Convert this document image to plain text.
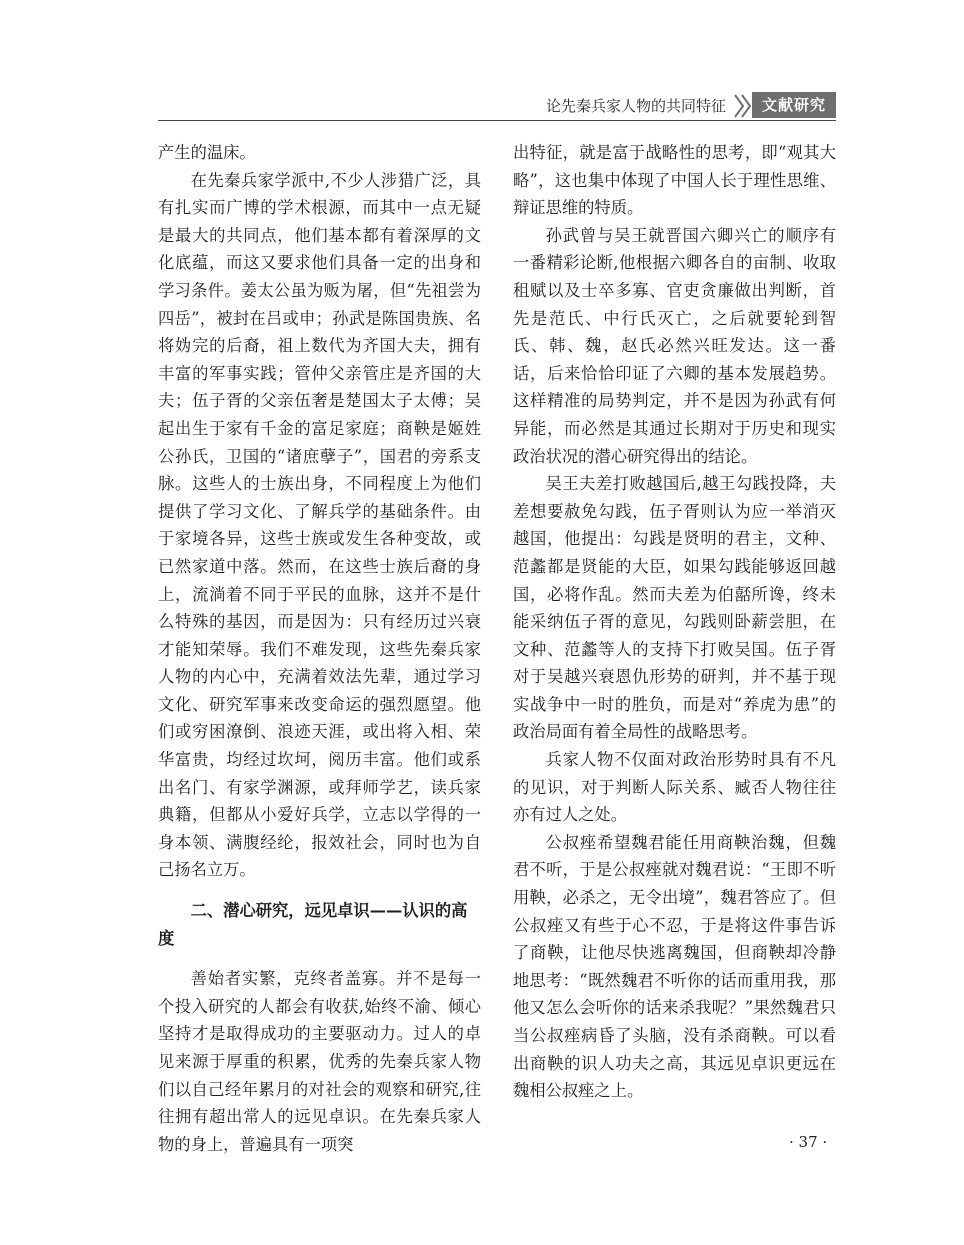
论先秦兵家人物的共同特征	文献研究

产生的温床。

在先秦兵家学派中,不少人涉猎广泛，具有扎实而广博的学术根源，而其中一点无疑是最大的共同点，他们基本都有着深厚的文化底蕴，而这又要求他们具备一定的出身和学习条件。姜太公虽为贩为屠，但“先祖尝为四岳”，被封在吕或申；孙武是陈国贵族、名将妫完的后裔，祖上数代为齐国大夫，拥有丰富的军事实践；管仲父亲管庄是齐国的大夫；伍子胥的父亲伍奢是楚国太子太傅；吴起出生于家有千金的富足家庭；商鞅是姬姓公孙氏，卫国的“诸庶孽子”，国君的旁系支脉。这些人的士族出身，不同程度上为他们提供了学习文化、了解兵学的基础条件。由于家境各异，这些士族或发生各种变故，或已然家道中落。然而，在这些士族后裔的身上，流淌着不同于平民的血脉，这并不是什么特殊的基因，而是因为：只有经历过兴衰才能知荣辱。我们不难发现，这些先秦兵家人物的内心中，充满着效法先辈，通过学习文化、研究军事来改变命运的强烈愿望。他们或穷困潦倒、浪迹天涯，或出将入相、荣华富贵，均经过坎坷，阅历丰富。他们或系出名门、有家学渊源，或拜师学艺，读兵家典籍，但都从小爱好兵学，立志以学得的一身本领、满腹经纶，报效社会，同时也为自己扬名立万。

二、潜心研究，远见卓识——认识的高度

善始者实繁，克终者盖寡。并不是每一个投入研究的人都会有收获,始终不渝、倾心坚持才是取得成功的主要驱动力。过人的卓见来源于厚重的积累，优秀的先秦兵家人物们以自己经年累月的对社会的观察和研究,往往拥有超出常人的远见卓识。在先秦兵家人物的身上，普遍具有一项突

出特征，就是富于战略性的思考，即“观其大略”，这也集中体现了中国人长于理性思维、辩证思维的特质。

孙武曾与吴王就晋国六卿兴亡的顺序有一番精彩论断,他根据六卿各自的亩制、收取租赋以及士卒多寡、官吏贪廉做出判断，首先是范氏、中行氏灭亡，之后就要轮到智氏、韩、魏，赵氏必然兴旺发达。这一番话，后来恰恰印证了六卿的基本发展趋势。这样精准的局势判定，并不是因为孙武有何异能，而必然是其通过长期对于历史和现实政治状况的潜心研究得出的结论。

吴王夫差打败越国后,越王勾践投降，夫差想要赦免勾践，伍子胥则认为应一举消灭越国，他提出：勾践是贤明的君主，文种、范蠡都是贤能的大臣，如果勾践能够返回越国，必将作乱。然而夫差为伯嚭所谗，终未能采纳伍子胥的意见，勾践则卧薪尝胆，在文种、范蠡等人的支持下打败吴国。伍子胥对于吴越兴衰恩仇形势的研判，并不基于现实战争中一时的胜负，而是对“养虎为患”的政治局面有着全局性的战略思考。

兵家人物不仅面对政治形势时具有不凡的见识，对于判断人际关系、臧否人物往往亦有过人之处。

公叔痤希望魏君能任用商鞅治魏，但魏君不听，于是公叔痤就对魏君说：“王即不听用鞅，必杀之，无令出境”，魏君答应了。但公叔痤又有些于心不忍，于是将这件事告诉了商鞅，让他尽快逃离魏国，但商鞅却冷静地思考：“既然魏君不听你的话而重用我，那他又怎么会听你的话来杀我呢？”果然魏君只当公叔痤病昏了头脑，没有杀商鞅。可以看出商鞅的识人功夫之高，其远见卓识更远在魏相公叔痤之上。

· 37 ·
